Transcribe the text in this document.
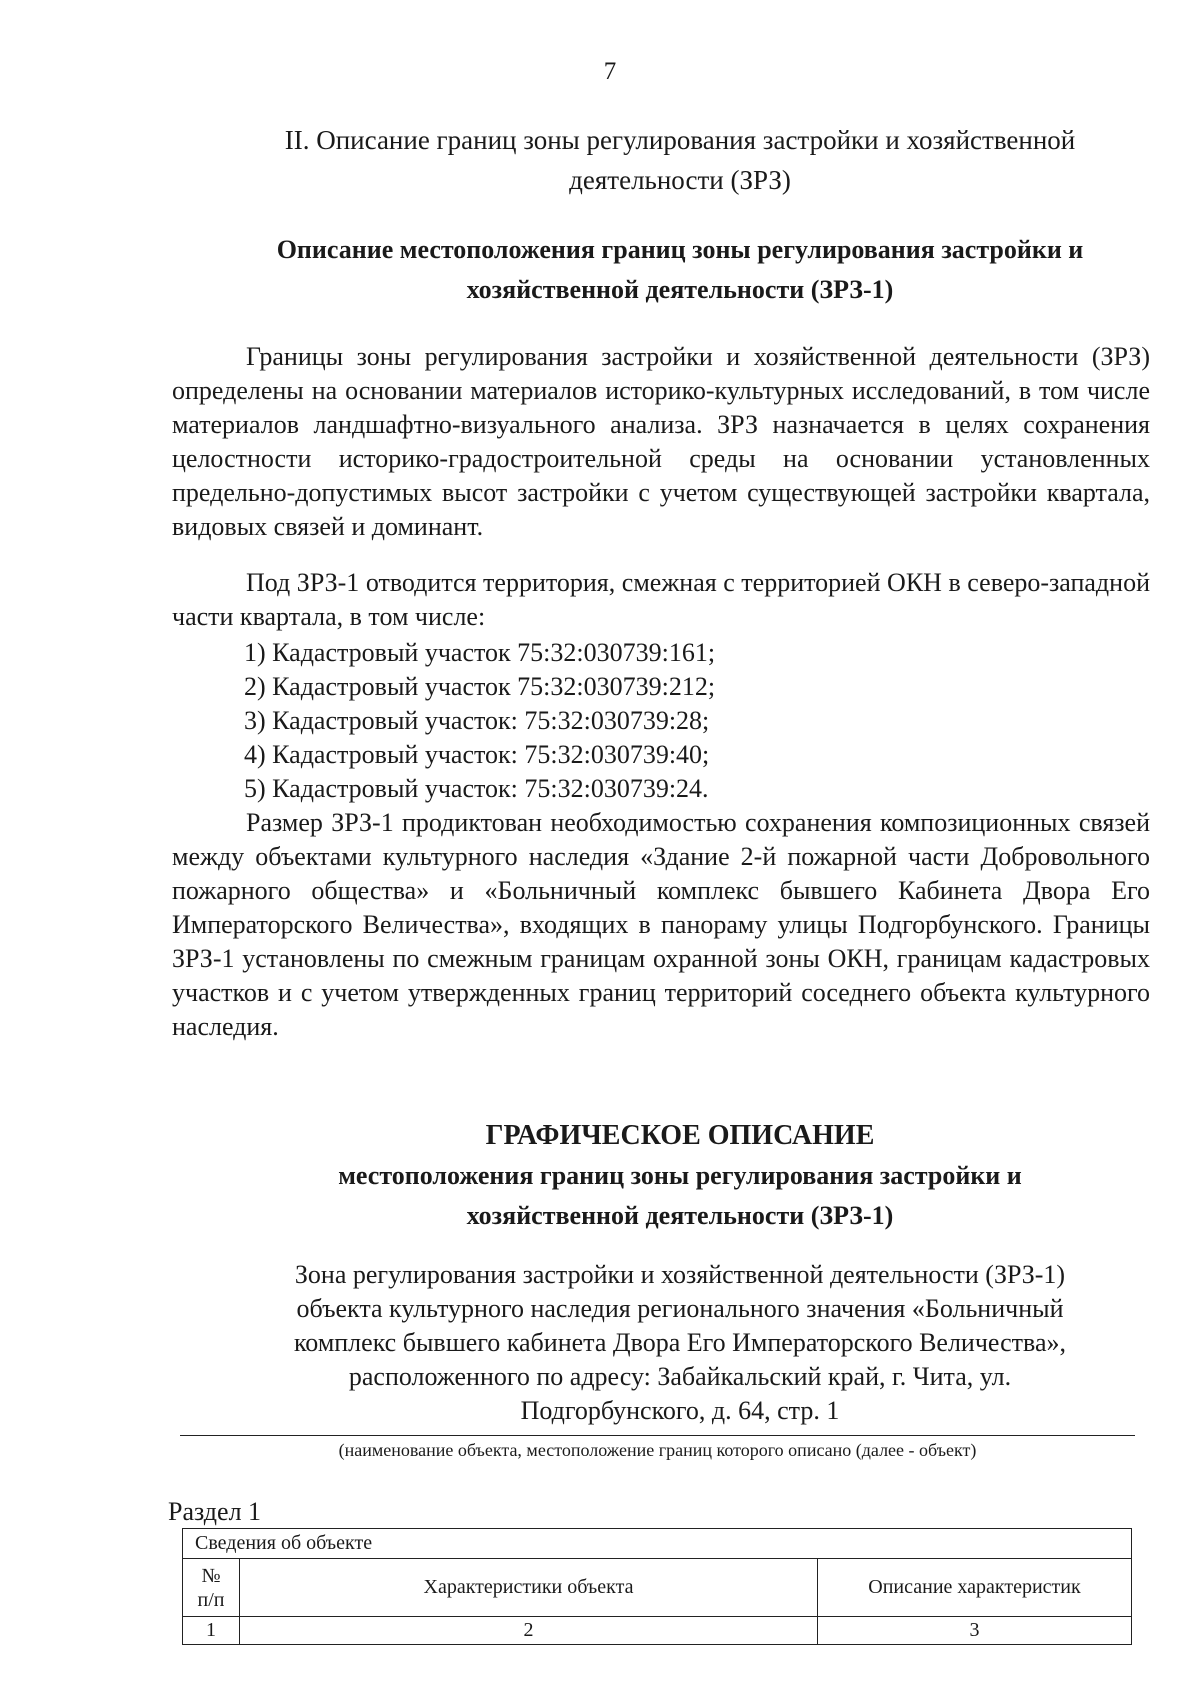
7
II. Описание границ зоны регулирования застройки и хозяйственной
деятельности (ЗРЗ)
Описание местоположения границ зоны регулирования застройки и
хозяйственной деятельности (ЗРЗ-1)

Границы зоны регулирования застройки и хозяйственной деятельности (ЗРЗ) определены на основании материалов историко-культурных исследований, в том числе материалов ландшафтно-визуального анализа. ЗРЗ назначается в целях сохранения целостности историко-градостроительной среды на основании установленных предельно-допустимых высот застройки с учетом существующей застройки квартала, видовых связей и доминант.

Под ЗРЗ-1 отводится территория, смежная с территорией ОКН в северо-западной части квартала, в том числе:

1) Кадастровый участок 75:32:030739:161;
2) Кадастровый участок 75:32:030739:212;
3) Кадастровый участок: 75:32:030739:28;
4) Кадастровый участок: 75:32:030739:40;
5) Кадастровый участок: 75:32:030739:24.

Размер ЗРЗ-1 продиктован необходимостью сохранения композиционных связей между объектами культурного наследия «Здание 2-й пожарной части Добровольного пожарного общества» и «Больничный комплекс бывшего Кабинета Двора Его Императорского Величества», входящих в панораму улицы Подгорбунского. Границы ЗРЗ-1 установлены по смежным границам охранной зоны ОКН, границам кадастровых участков и с учетом утвержденных границ территорий соседнего объекта культурного наследия.

ГРАФИЧЕСКОЕ ОПИСАНИЕ
местоположения границ зоны регулирования застройки и
хозяйственной деятельности (ЗРЗ-1)
Зона регулирования застройки и хозяйственной деятельности (ЗРЗ-1)
объекта культурного наследия регионального значения «Больничный
комплекс бывшего кабинета Двора Его Императорского Величества»,
расположенного по адресу: Забайкальский край, г. Чита, ул.
Подгорбунского, д. 64, стр. 1
(наименование объекта, местоположение границ которого описано (далее - объект)
Раздел 1
Сведения об объекте		

№
п/п	Характеристики объекта	Описание характеристик
1	2	3
